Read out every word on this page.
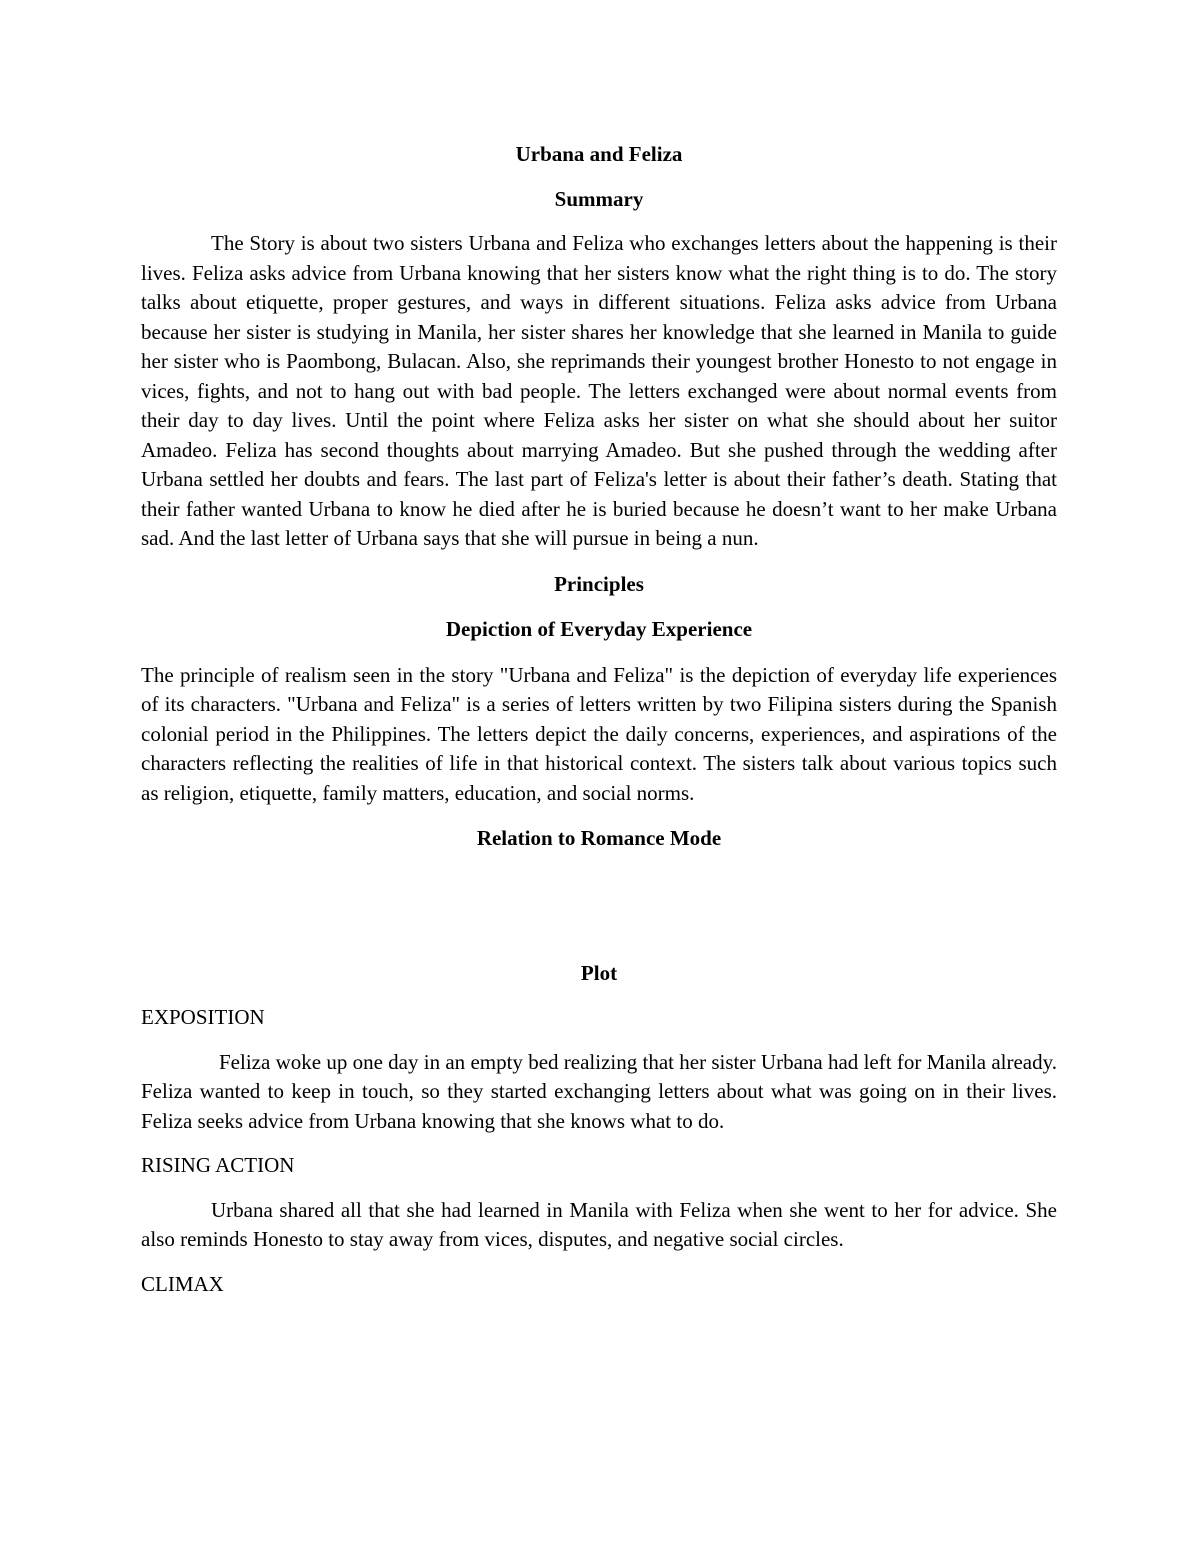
Urbana and Feliza

Summary

The Story is about two sisters Urbana and Feliza who exchanges letters about the happening is their lives. Feliza asks advice from Urbana knowing that her sisters know what the right thing is to do. The story talks about etiquette, proper gestures, and ways in different situations. Feliza asks advice from Urbana because her sister is studying in Manila, her sister shares her knowledge that she learned in Manila to guide her sister who is Paombong, Bulacan. Also, she reprimands their youngest brother Honesto to not engage in vices, fights, and not to hang out with bad people. The letters exchanged were about normal events from their day to day lives. Until the point where Feliza asks her sister on what she should about her suitor Amadeo. Feliza has second thoughts about marrying Amadeo. But she pushed through the wedding after Urbana settled her doubts and fears. The last part of Feliza's letter is about their father’s death. Stating that their father wanted Urbana to know he died after he is buried because he doesn’t want to her make Urbana sad. And the last letter of Urbana says that she will pursue in being a nun.

Principles

Depiction of Everyday Experience

The principle of realism seen in the story "Urbana and Feliza" is the depiction of everyday life experiences of its characters. "Urbana and Feliza" is a series of letters written by two Filipina sisters during the Spanish colonial period in the Philippines. The letters depict the daily concerns, experiences, and aspirations of the characters reflecting the realities of life in that historical context. The sisters talk about various topics such as religion, etiquette, family matters, education, and social norms.

Relation to Romance Mode

Plot

EXPOSITION

Feliza woke up one day in an empty bed realizing that her sister Urbana had left for Manila already. Feliza wanted to keep in touch, so they started exchanging letters about what was going on in their lives. Feliza seeks advice from Urbana knowing that she knows what to do.

RISING ACTION

Urbana shared all that she had learned in Manila with Feliza when she went to her for advice. She also reminds Honesto to stay away from vices, disputes, and negative social circles.

CLIMAX
